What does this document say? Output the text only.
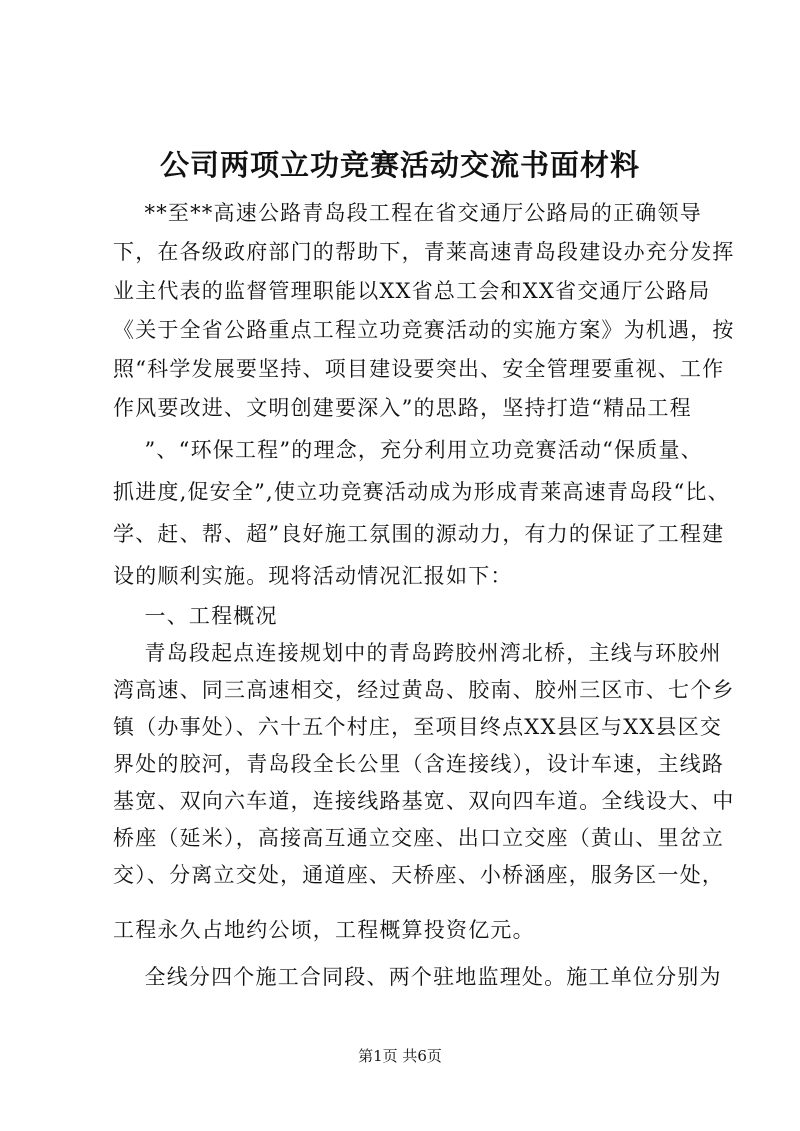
公司两项立功竞赛活动交流书面材料
**至**高速公路青岛段工程在省交通厅公路局的正确领导
下，在各级政府部门的帮助下，青莱高速青岛段建设办充分发挥
业主代表的监督管理职能以XX省总工会和XX省交通厅公路局
《关于全省公路重点工程立功竞赛活动的实施方案》为机遇，按
照“科学发展要坚持、项目建设要突出、安全管理要重视、工作
作风要改进、文明创建要深入”的思路，坚持打造“精品工程
”、“环保工程”的理念，充分利用立功竞赛活动“保质量、
抓进度,促安全”,使立功竞赛活动成为形成青莱高速青岛段“比、
学、赶、帮、超”良好施工氛围的源动力，有力的保证了工程建
设的顺利实施。现将活动情况汇报如下：
一、工程概况
青岛段起点连接规划中的青岛跨胶州湾北桥，主线与环胶州
湾高速、同三高速相交，经过黄岛、胶南、胶州三区市、七个乡
镇（办事处）、六十五个村庄，至项目终点XX县区与XX县区交
界处的胶河，青岛段全长公里（含连接线），设计车速，主线路
基宽、双向六车道，连接线路基宽、双向四车道。全线设大、中
桥座（延米），高接高互通立交座、出口立交座（黄山、里岔立
交）、分离立交处，通道座、天桥座、小桥涵座，服务区一处，
工程永久占地约公顷，工程概算投资亿元。
全线分四个施工合同段、两个驻地监理处。施工单位分别为
第1页 共6页
